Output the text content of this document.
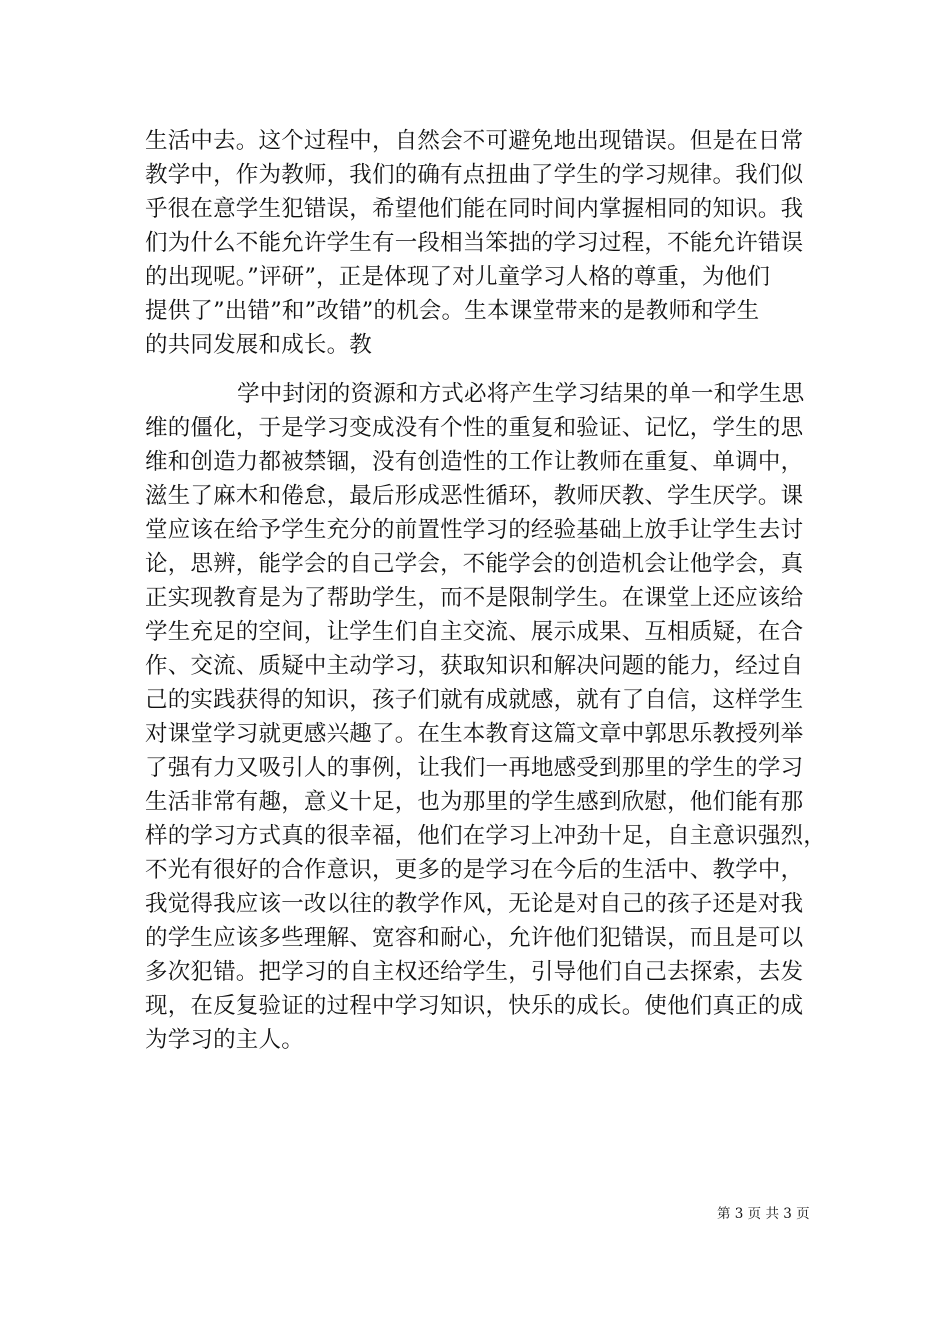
生活中去。这个过程中，自然会不可避免地出现错误。但是在日常
教学中，作为教师，我们的确有点扭曲了学生的学习规律。我们似
乎很在意学生犯错误，希望他们能在同时间内掌握相同的知识。我
们为什么不能允许学生有一段相当笨拙的学习过程，不能允许错误
的出现呢。”评研”，正是体现了对儿童学习人格的尊重，为他们
提供了”出错”和”改错”的机会。生本课堂带来的是教师和学生
的共同发展和成长。教
学中封闭的资源和方式必将产生学习结果的单一和学生思
维的僵化，于是学习变成没有个性的重复和验证、记忆，学生的思
维和创造力都被禁锢，没有创造性的工作让教师在重复、单调中，
滋生了麻木和倦怠，最后形成恶性循环，教师厌教、学生厌学。课
堂应该在给予学生充分的前置性学习的经验基础上放手让学生去讨
论，思辨，能学会的自己学会，不能学会的创造机会让他学会，真
正实现教育是为了帮助学生，而不是限制学生。在课堂上还应该给
学生充足的空间，让学生们自主交流、展示成果、互相质疑，在合
作、交流、质疑中主动学习，获取知识和解决问题的能力，经过自
己的实践获得的知识，孩子们就有成就感，就有了自信，这样学生
对课堂学习就更感兴趣了。在生本教育这篇文章中郭思乐教授列举
了强有力又吸引人的事例，让我们一再地感受到那里的学生的学习
生活非常有趣，意义十足，也为那里的学生感到欣慰，他们能有那
样的学习方式真的很幸福，他们在学习上冲劲十足，自主意识强烈，
不光有很好的合作意识，更多的是学习在今后的生活中、教学中，
我觉得我应该一改以往的教学作风，无论是对自己的孩子还是对我
的学生应该多些理解、宽容和耐心，允许他们犯错误，而且是可以
多次犯错。把学习的自主权还给学生，引导他们自己去探索，去发
现，在反复验证的过程中学习知识，快乐的成长。使他们真正的成
为学习的主人。
第 3 页 共 3 页
